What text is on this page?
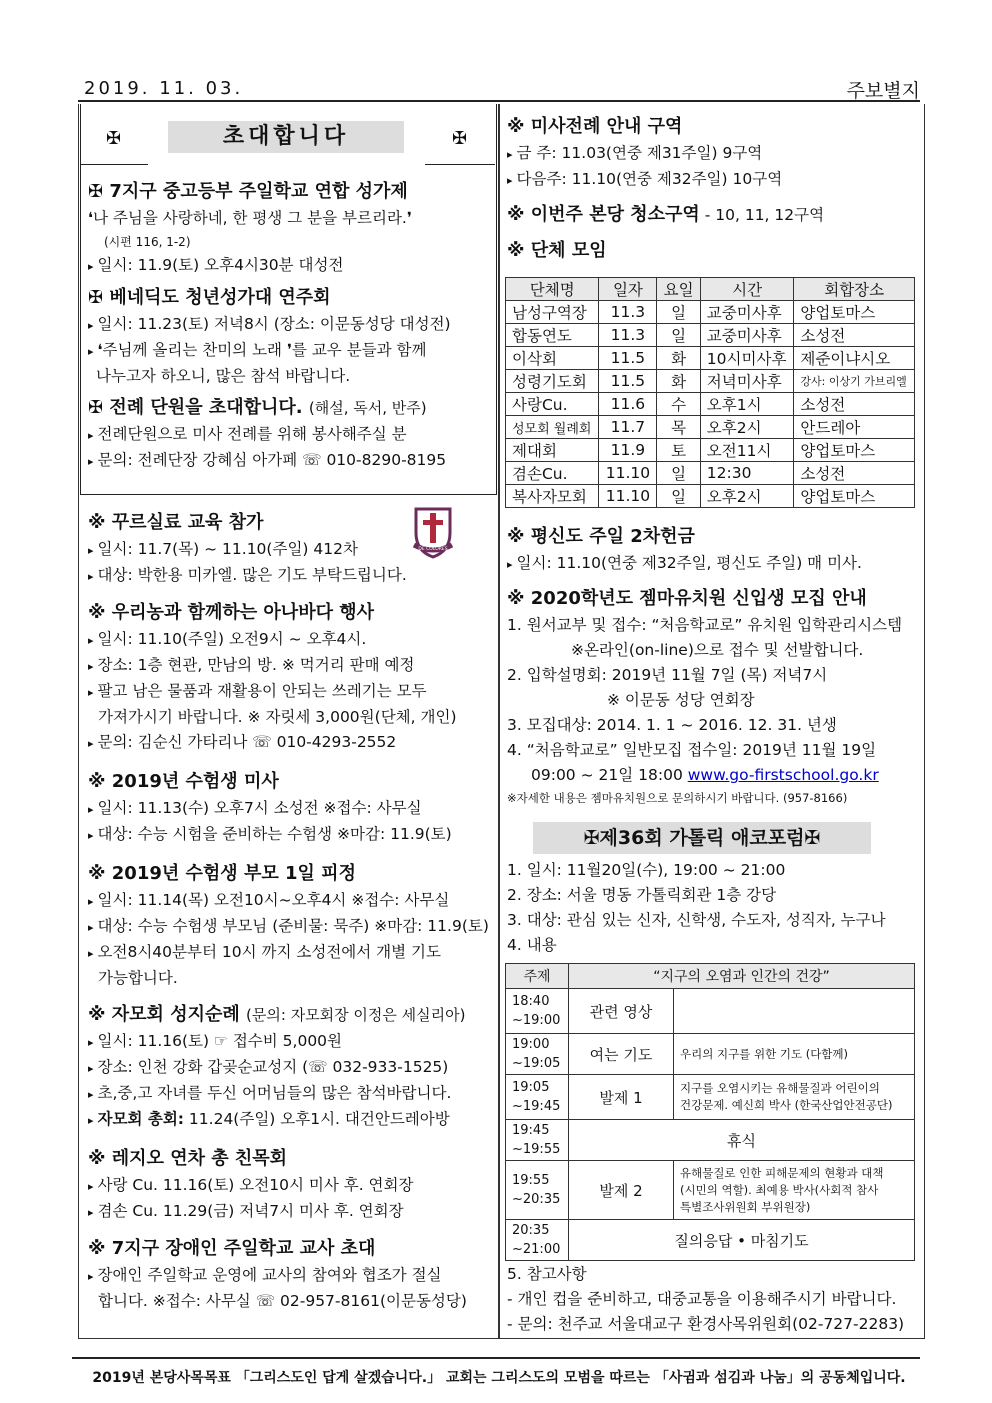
2019. 11. 03.	주보별지
✠	✠
초대합니다
✠ 7지구 중고등부 주일학교 연합 성가제
❛나 주님을 사랑하네, 한 평생 그 분을 부르리라.❜
(시편 116, 1-2)
▸ 일시: 11.9(토) 오후4시30분 대성전
✠ 베네딕도 청년성가대 연주회
▸ 일시: 11.23(토) 저녁8시 (장소: 이문동성당 대성전)
▸ ❛주님께 올리는 찬미의 노래 ❜를 교우 분들과 함께
나누고자 하오니, 많은 참석 바랍니다.
✠ 전례 단원을 초대합니다. (해설, 독서, 반주)
▸ 전례단원으로 미사 전례를 위해 봉사해주실 분
▸ 문의: 전례단장 강혜심 아가페 ☏ 010-8290-8195
DE COLORES
※ 꾸르실료 교육 참가
▸ 일시: 11.7(목) ~ 11.10(주일) 412차
▸ 대상: 박한용 미카엘. 많은 기도 부탁드립니다.
※ 우리농과 함께하는 아나바다 행사
▸ 일시: 11.10(주일) 오전9시 ~ 오후4시.
▸ 장소: 1층 현관, 만남의 방. ※ 먹거리 판매 예정
▸ 팔고 남은 물품과 재활용이 안되는 쓰레기는 모두
가져가시기 바랍니다. ※ 자릿세 3,000원(단체, 개인)
▸ 문의: 김순신 가타리나 ☏ 010-4293-2552
※ 2019년 수험생 미사
▸ 일시: 11.13(수) 오후7시 소성전 ※접수: 사무실
▸ 대상: 수능 시험을 준비하는 수험생 ※마감: 11.9(토)
※ 2019년 수험생 부모 1일 피정
▸ 일시: 11.14(목) 오전10시~오후4시 ※접수: 사무실
▸ 대상: 수능 수험생 부모님 (준비물: 묵주) ※마감: 11.9(토)
▸ 오전8시40분부터 10시 까지 소성전에서 개별 기도
가능합니다.
※ 자모회 성지순례 (문의: 자모회장 이정은 세실리아)
▸ 일시: 11.16(토) ☞ 접수비 5,000원
▸ 장소: 인천 강화 갑곶순교성지 (☏ 032-933-1525)
▸ 초,중,고 자녀를 두신 어머님들의 많은 참석바랍니다.
▸ 자모회 총회: 11.24(주일) 오후1시. 대건안드레아방
※ 레지오 연차 총 친목회
▸ 사랑 Cu. 11.16(토) 오전10시 미사 후. 연회장
▸ 겸손 Cu. 11.29(금) 저녁7시 미사 후. 연회장
※ 7지구 장애인 주일학교 교사 초대
▸ 장애인 주일학교 운영에 교사의 참여와 협조가 절실
합니다. ※접수: 사무실 ☏ 02-957-8161(이문동성당)
※ 미사전례 안내 구역
▸ 금 주: 11.03(연중 제31주일) 9구역
▸ 다음주: 11.10(연중 제32주일) 10구역
※ 이번주 본당 청소구역 - 10, 11, 12구역
※ 단체 모임
단체명	일자	요일	시간	회합장소
남성구역장	11.3	일	교중미사후	양업토마스
합동연도	11.3	일	교중미사후	소성전
이삭회	11.5	화	10시미사후	제준이냐시오
성령기도회	11.5	화	저녁미사후	강사: 이상기 가브리엘
사랑Cu.	11.6	수	오후1시	소성전
성모회 월례회	11.7	목	오후2시	안드레아
제대회	11.9	토	오전11시	양업토마스
겸손Cu.	11.10	일	12:30	소성전
복사자모회	11.10	일	오후2시	양업토마스
※ 평신도 주일 2차헌금
▸ 일시: 11.10(연중 제32주일, 평신도 주일) 매 미사.
※ 2020학년도 젬마유치원 신입생 모집 안내
1. 원서교부 및 접수: “처음학교로” 유치원 입학관리시스템
※온라인(on-line)으로 접수 및 선발합니다.
2. 입학설명회: 2019년 11월 7일 (목) 저녁7시
※ 이문동 성당 연회장
3. 모집대상: 2014. 1. 1 ~ 2016. 12. 31. 년생
4. “처음학교로” 일반모집 접수일: 2019년 11월 19일
09:00 ~ 21일 18:00 www.go-firstschool.go.kr
※자세한 내용은 젬마유치원으로 문의하시기 바랍니다. (957-8166)
✠제36회 가톨릭 애코포럼✠
1. 일시: 11월20일(수), 19:00 ~ 21:00
2. 장소: 서울 명동 가톨릭회관 1층 강당
3. 대상: 관심 있는 신자, 신학생, 수도자, 성직자, 누구나
4. 내용
주제	“지구의 오염과 인간의 건강”	
18:40
~19:00	관련 영상	
19:00
~19:05	여는 기도	우리의 지구를 위한 기도 (다함께)
19:05
~19:45	발제 1	지구를 오염시키는 유해물질과 어린이의
건강문제. 예신희 박사 (한국산업안전공단)
19:45
~19:55	휴식	
19:55
~20:35	발제 2	유해물질로 인한 피해문제의 현황과 대책
(시민의 역할). 최예용 박사(사회적 참사
특별조사위원회 부위원장)
20:35
~21:00	질의응답 • 마침기도	
5. 참고사항
- 개인 컵을 준비하고, 대중교통을 이용해주시기 바랍니다.
- 문의: 천주교 서울대교구 환경사목위원회(02-727-2283)
2019년 본당사목목표 「그리스도인 답게 살겠습니다.」 교회는 그리스도의 모범을 따르는 「사귐과 섬김과 나눔」의 공동체입니다.
